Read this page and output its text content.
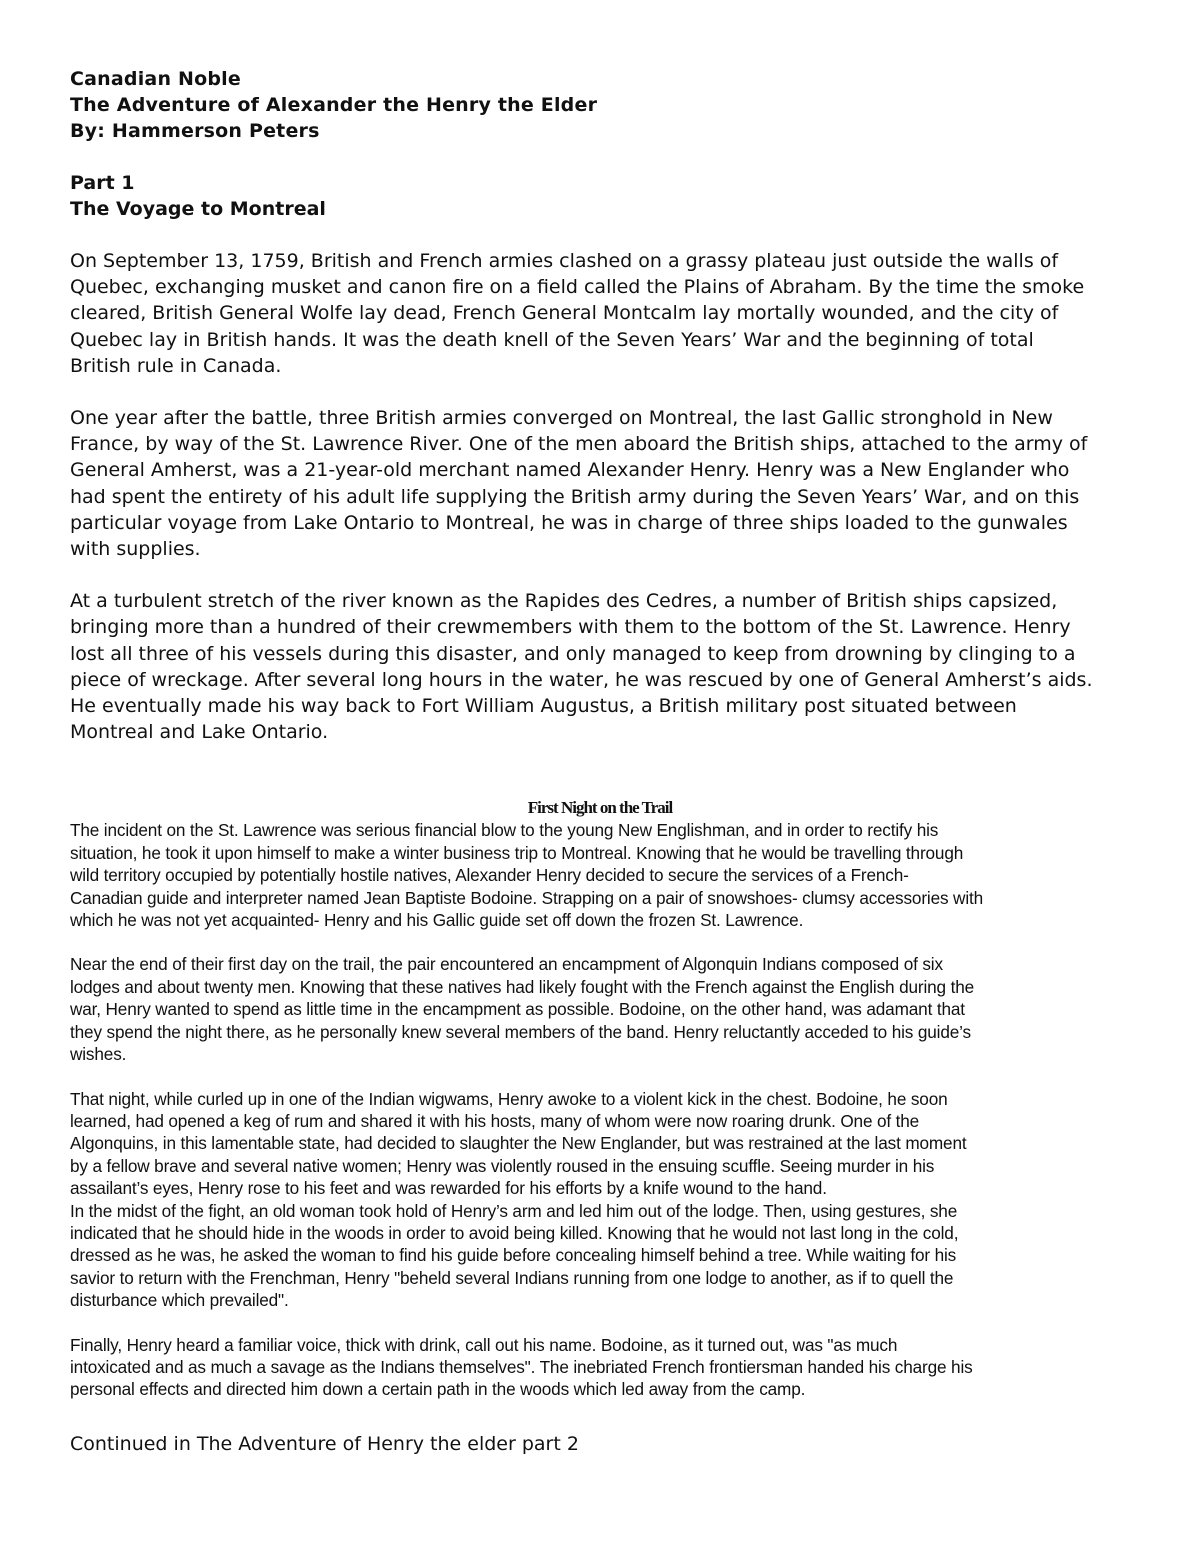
Canadian Noble
The Adventure of Alexander the Henry the Elder
By: Hammerson Peters
Part 1
The Voyage to Montreal

On September 13, 1759, British and French armies clashed on a grassy plateau just outside the walls of
Quebec, exchanging musket and canon fire on a field called the Plains of Abraham. By the time the smoke
cleared, British General Wolfe lay dead, French General Montcalm lay mortally wounded, and the city of
Quebec lay in British hands. It was the death knell of the Seven Years’ War and the beginning of total
British rule in Canada.

One year after the battle, three British armies converged on Montreal, the last Gallic stronghold in New
France, by way of the St. Lawrence River. One of the men aboard the British ships, attached to the army of
General Amherst, was a 21-year-old merchant named Alexander Henry. Henry was a New Englander who
had spent the entirety of his adult life supplying the British army during the Seven Years’ War, and on this
particular voyage from Lake Ontario to Montreal, he was in charge of three ships loaded to the gunwales
with supplies.

At a turbulent stretch of the river known as the Rapides des Cedres, a number of British ships capsized,
bringing more than a hundred of their crewmembers with them to the bottom of the St. Lawrence. Henry
lost all three of his vessels during this disaster, and only managed to keep from drowning by clinging to a
piece of wreckage. After several long hours in the water, he was rescued by one of General Amherst’s aids.
He eventually made his way back to Fort William Augustus, a British military post situated between
Montreal and Lake Ontario.

First Night on the Trail

The incident on the St. Lawrence was serious financial blow to the young New Englishman, and in order to rectify his
situation, he took it upon himself to make a winter business trip to Montreal. Knowing that he would be travelling through
wild territory occupied by potentially hostile natives, Alexander Henry decided to secure the services of a French-
Canadian guide and interpreter named Jean Baptiste Bodoine. Strapping on a pair of snowshoes- clumsy accessories with
which he was not yet acquainted- Henry and his Gallic guide set off down the frozen St. Lawrence.

Near the end of their first day on the trail, the pair encountered an encampment of Algonquin Indians composed of six
lodges and about twenty men. Knowing that these natives had likely fought with the French against the English during the
war, Henry wanted to spend as little time in the encampment as possible. Bodoine, on the other hand, was adamant that
they spend the night there, as he personally knew several members of the band. Henry reluctantly acceded to his guide’s
wishes.

That night, while curled up in one of the Indian wigwams, Henry awoke to a violent kick in the chest. Bodoine, he soon
learned, had opened a keg of rum and shared it with his hosts, many of whom were now roaring drunk. One of the
Algonquins, in this lamentable state, had decided to slaughter the New Englander, but was restrained at the last moment
by a fellow brave and several native women; Henry was violently roused in the ensuing scuffle. Seeing murder in his
assailant’s eyes, Henry rose to his feet and was rewarded for his efforts by a knife wound to the hand.
In the midst of the fight, an old woman took hold of Henry’s arm and led him out of the lodge. Then, using gestures, she
indicated that he should hide in the woods in order to avoid being killed. Knowing that he would not last long in the cold,
dressed as he was, he asked the woman to find his guide before concealing himself behind a tree. While waiting for his
savior to return with the Frenchman, Henry "beheld several Indians running from one lodge to another, as if to quell the
disturbance which prevailed".

Finally, Henry heard a familiar voice, thick with drink, call out his name. Bodoine, as it turned out, was "as much
intoxicated and as much a savage as the Indians themselves". The inebriated French frontiersman handed his charge his
personal effects and directed him down a certain path in the woods which led away from the camp.

Continued in The Adventure of Henry the elder part 2
